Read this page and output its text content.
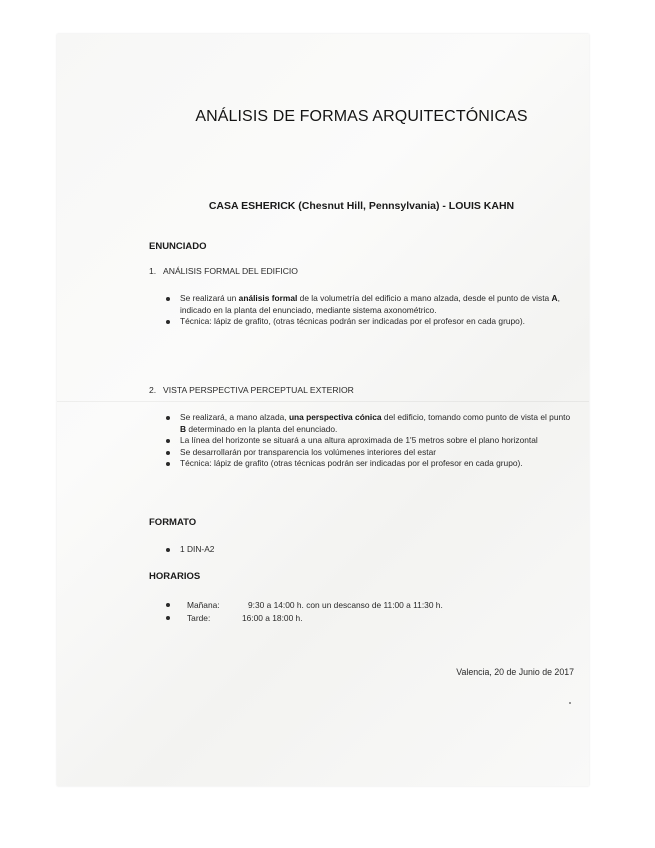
ANÁLISIS DE FORMAS ARQUITECTÓNICAS
CASA ESHERICK (Chesnut Hill, Pennsylvania) - LOUIS KAHN
ENUNCIADO
1. ANÁLISIS FORMAL DEL EDIFICIO
Se realizará un análisis formal de la volumetría del edificio a mano alzada, desde el punto de vista A, indicado en la planta del enunciado, mediante sistema axonométrico.
Técnica: lápiz de grafito, (otras técnicas podrán ser indicadas por el profesor en cada grupo).
2. VISTA PERSPECTIVA PERCEPTUAL EXTERIOR
Se realizará, a mano alzada, una perspectiva cónica del edificio, tomando como punto de vista el punto B determinado en la planta del enunciado.
La línea del horizonte se situará a una altura aproximada de 1'5 metros sobre el plano horizontal
Se desarrollarán por transparencia los volúmenes interiores del estar
Técnica: lápiz de grafito (otras técnicas podrán ser indicadas por el profesor en cada grupo).
FORMATO
1 DIN-A2
HORARIOS
Mañana:	9:30 a 14:00 h. con un descanso de 11:00 a 11:30 h.
Tarde:	16:00 a 18:00 h.
Valencia, 20 de Junio de 2017
